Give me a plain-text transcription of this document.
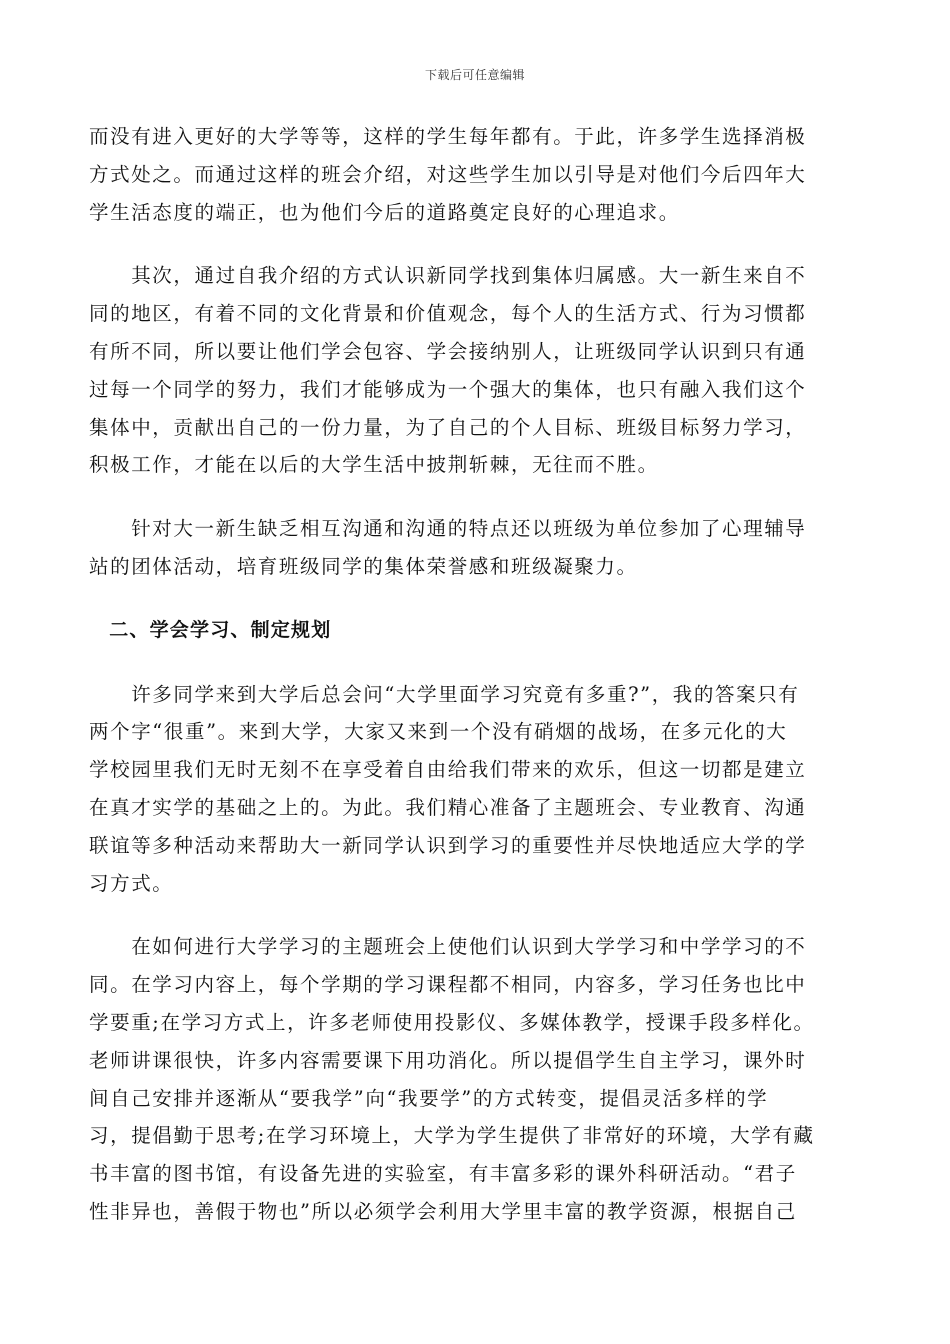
下载后可任意编辑
而没有进入更好的大学等等，这样的学生每年都有。于此，许多学生选择消极
方式处之。而通过这样的班会介绍，对这些学生加以引导是对他们今后四年大
学生活态度的端正，也为他们今后的道路奠定良好的心理追求。
　　其次，通过自我介绍的方式认识新同学找到集体归属感。大一新生来自不
同的地区，有着不同的文化背景和价值观念，每个人的生活方式、行为习惯都
有所不同，所以要让他们学会包容、学会接纳别人，让班级同学认识到只有通
过每一个同学的努力，我们才能够成为一个强大的集体，也只有融入我们这个
集体中，贡献出自己的一份力量，为了自己的个人目标、班级目标努力学习，
积极工作，才能在以后的大学生活中披荆斩棘，无往而不胜。
　　针对大一新生缺乏相互沟通和沟通的特点还以班级为单位参加了心理辅导
站的团体活动，培育班级同学的集体荣誉感和班级凝聚力。
　二、学会学习、制定规划
　　许多同学来到大学后总会问“大学里面学习究竟有多重?”，我的答案只有
两个字“很重”。来到大学，大家又来到一个没有硝烟的战场，在多元化的大
学校园里我们无时无刻不在享受着自由给我们带来的欢乐，但这一切都是建立
在真才实学的基础之上的。为此。我们精心准备了主题班会、专业教育、沟通
联谊等多种活动来帮助大一新同学认识到学习的重要性并尽快地适应大学的学
习方式。
　　在如何进行大学学习的主题班会上使他们认识到大学学习和中学学习的不
同。在学习内容上，每个学期的学习课程都不相同，内容多，学习任务也比中
学要重;在学习方式上，许多老师使用投影仪、多媒体教学，授课手段多样化。
老师讲课很快，许多内容需要课下用功消化。所以提倡学生自主学习，课外时
间自己安排并逐渐从“要我学”向“我要学”的方式转变，提倡灵活多样的学
习，提倡勤于思考;在学习环境上，大学为学生提供了非常好的环境，大学有藏
书丰富的图书馆，有设备先进的实验室，有丰富多彩的课外科研活动。“君子
性非异也，善假于物也”所以必须学会利用大学里丰富的教学资源，根据自己
